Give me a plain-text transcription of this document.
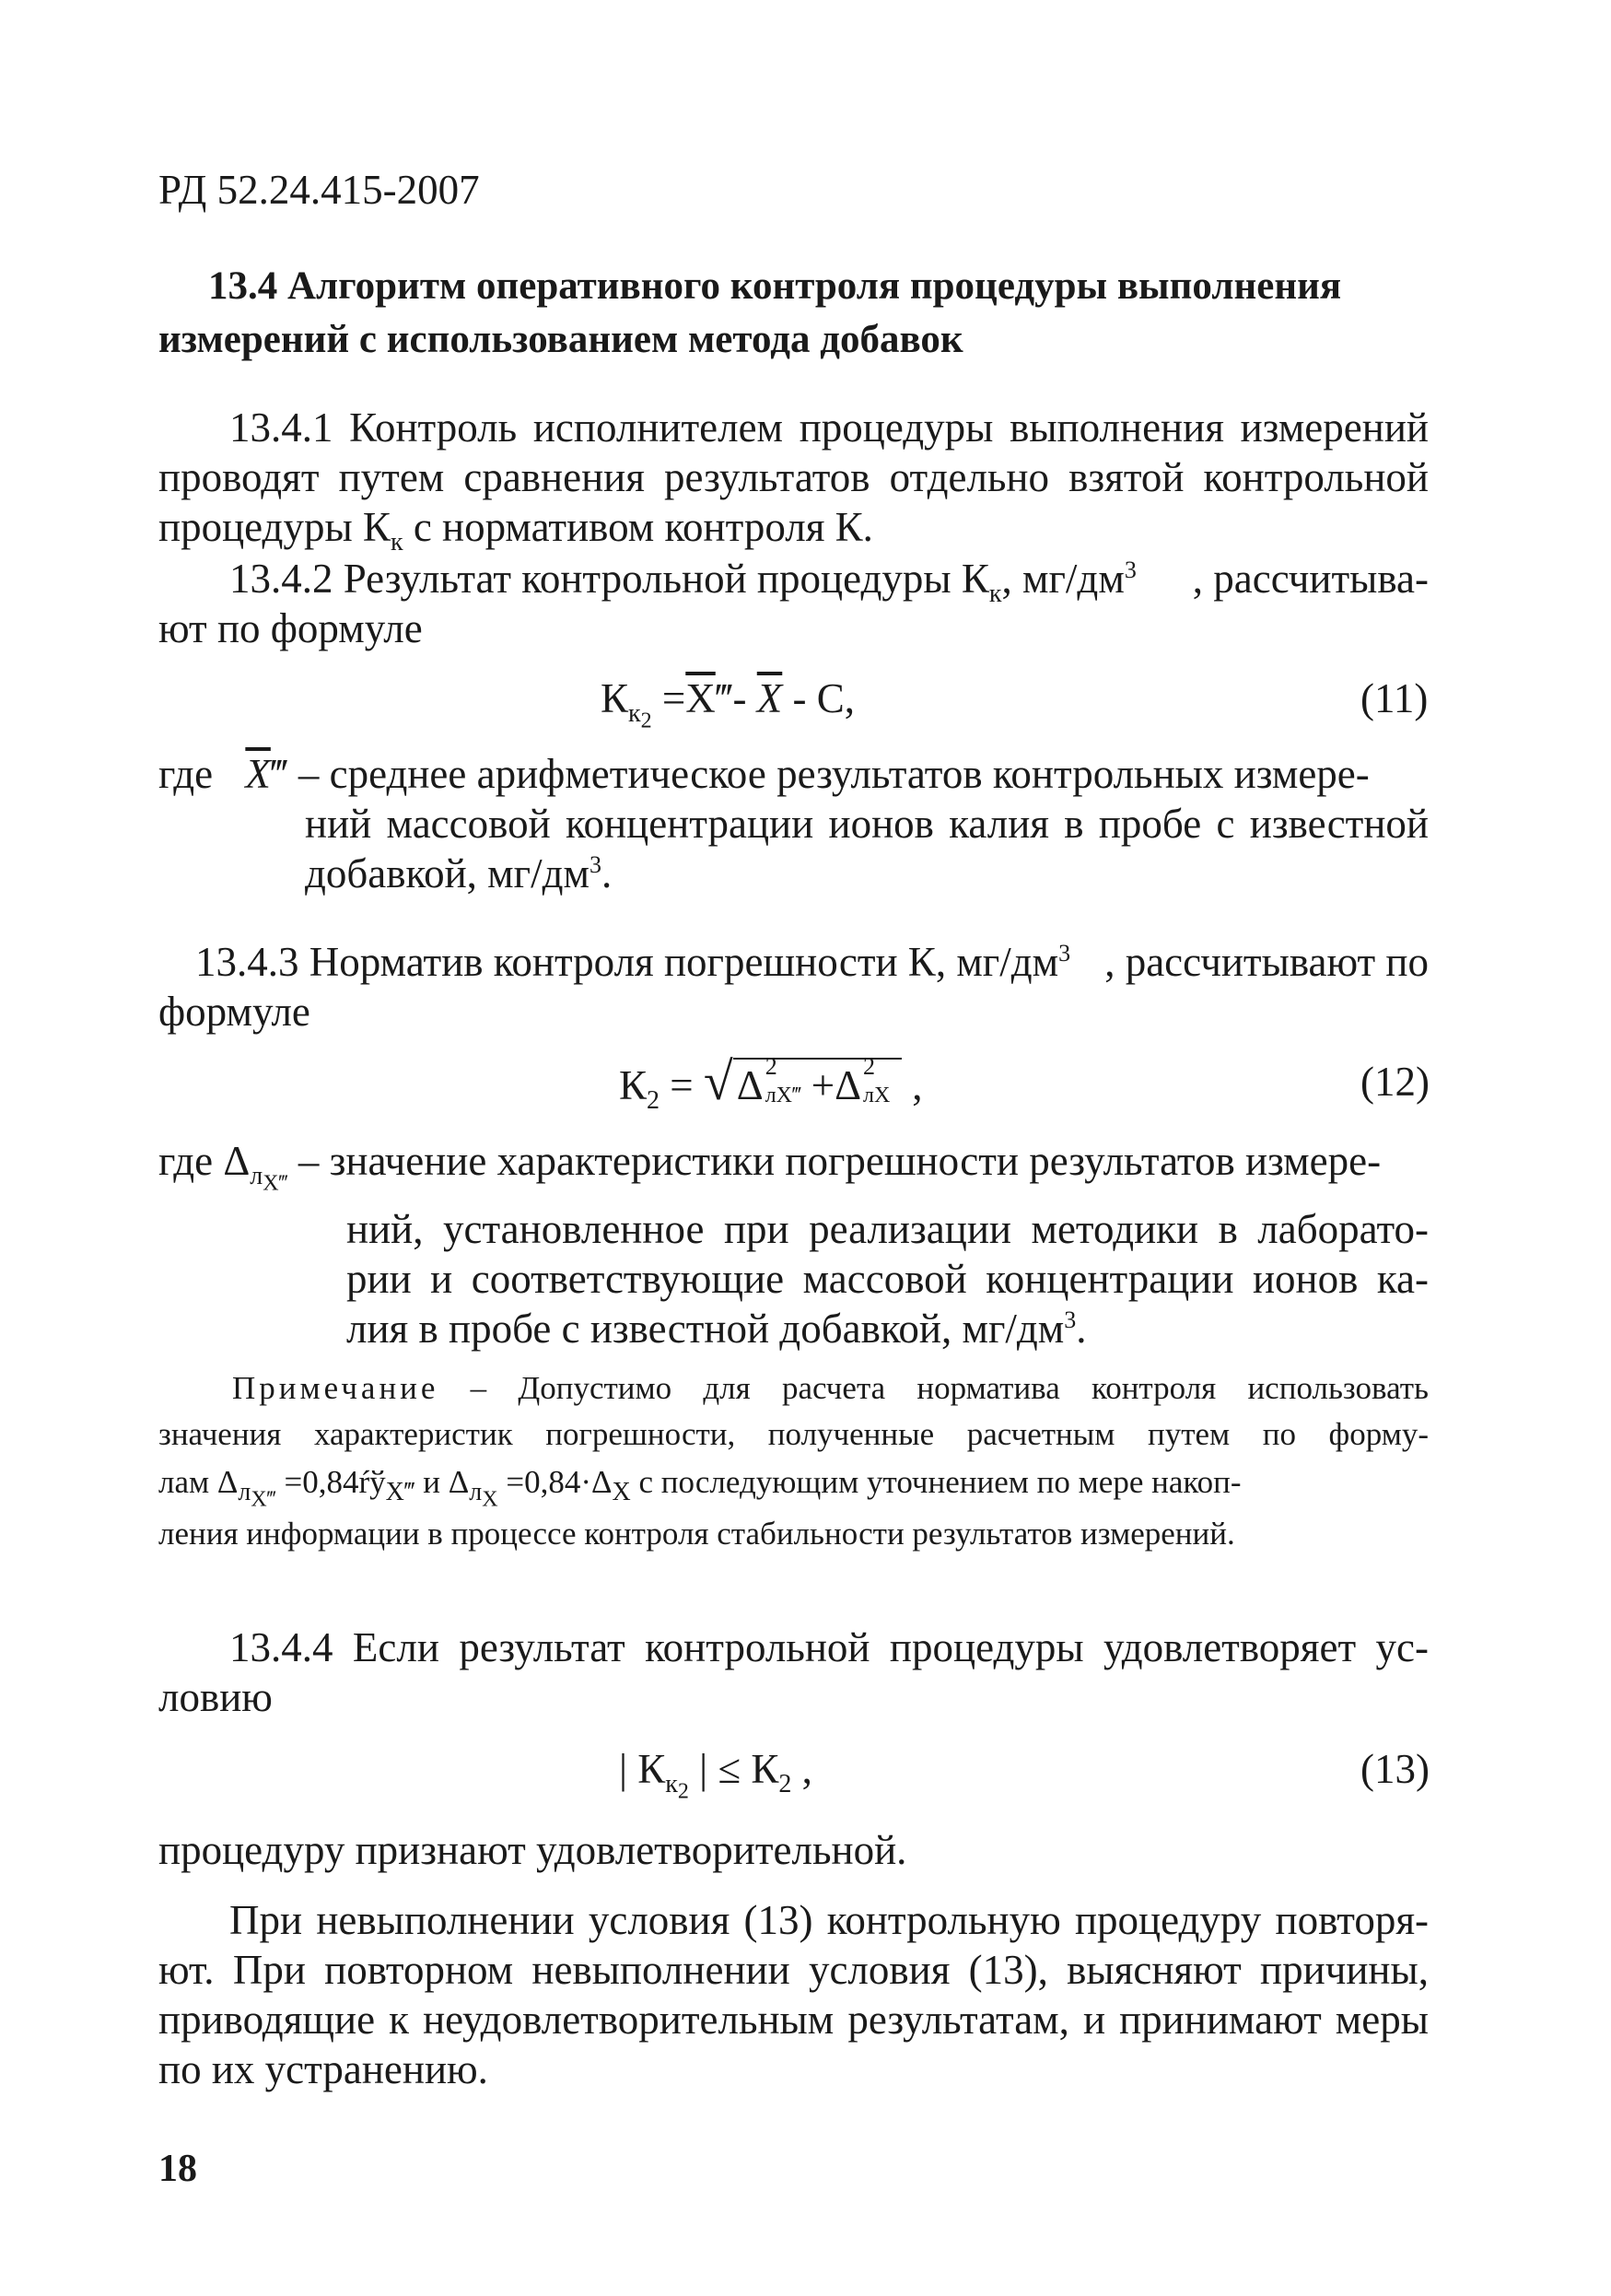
РД 52.24.415-2007
13.4 Алгоритм оперативного контроля процедуры выполнения
измерений с использованием метода добавок
13.4.1 Контроль исполнителем процедуры выполнения измерений
проводят путем сравнения результатов отдельно взятой контрольной
процедуры $К_к$ с нормативом контроля К.
13.4.2 Результат контрольной процедуры $К_к$, $мг/дм^3$ , рассчитыва-
ют по формуле
$К_{к2}$ $=\overline{X}‴-$ $\overline{X}$ - С,	(11)
где $\overline{X}‴$ – среднее арифметическое результатов контрольных измере-
ний массовой концентрации ионов калия в пробе с известной
добавкой, $мг/дм^3$.
13.4.3 Норматив контроля погрешности К, $мг/дм^3$ , рассчитывают по
формуле
$К_2 = √\Delta$ 2
лX‴ +Δ 2
лX ,	(12)
где $\Delta_{лX‴}$ – значение характеристики погрешности результатов измере-
ний, установленное при реализации методики в лаборато-
рии и соответствующие массовой концентрации ионов ка-
лия в пробе с известной добавкой, $мг/дм^3$.
Примечание – Допустимо для расчета норматива контроля использовать
значения характеристик погрешности, полученные расчетным путем по форму-
лам $\Delta_{лX‴}$ $=0,84ŕў_{X‴}$ и $\Delta_{лX} =0,84\cdot\Delta_X$ с последующим уточнением по мере накоп-
ления информации в процессе контроля стабильности результатов измерений.
13.4.4 Если результат контрольной процедуры удовлетворяет ус-
ловию
| $К_{к2}$ | ≤ $К_2$ ,	(13)
процедуру признают удовлетворительной.
При невыполнении условия (13) контрольную процедуру повторя-
ют. При повторном невыполнении условия (13), выясняют причины,
приводящие к неудовлетворительным результатам, и принимают меры
по их устранению.
18
